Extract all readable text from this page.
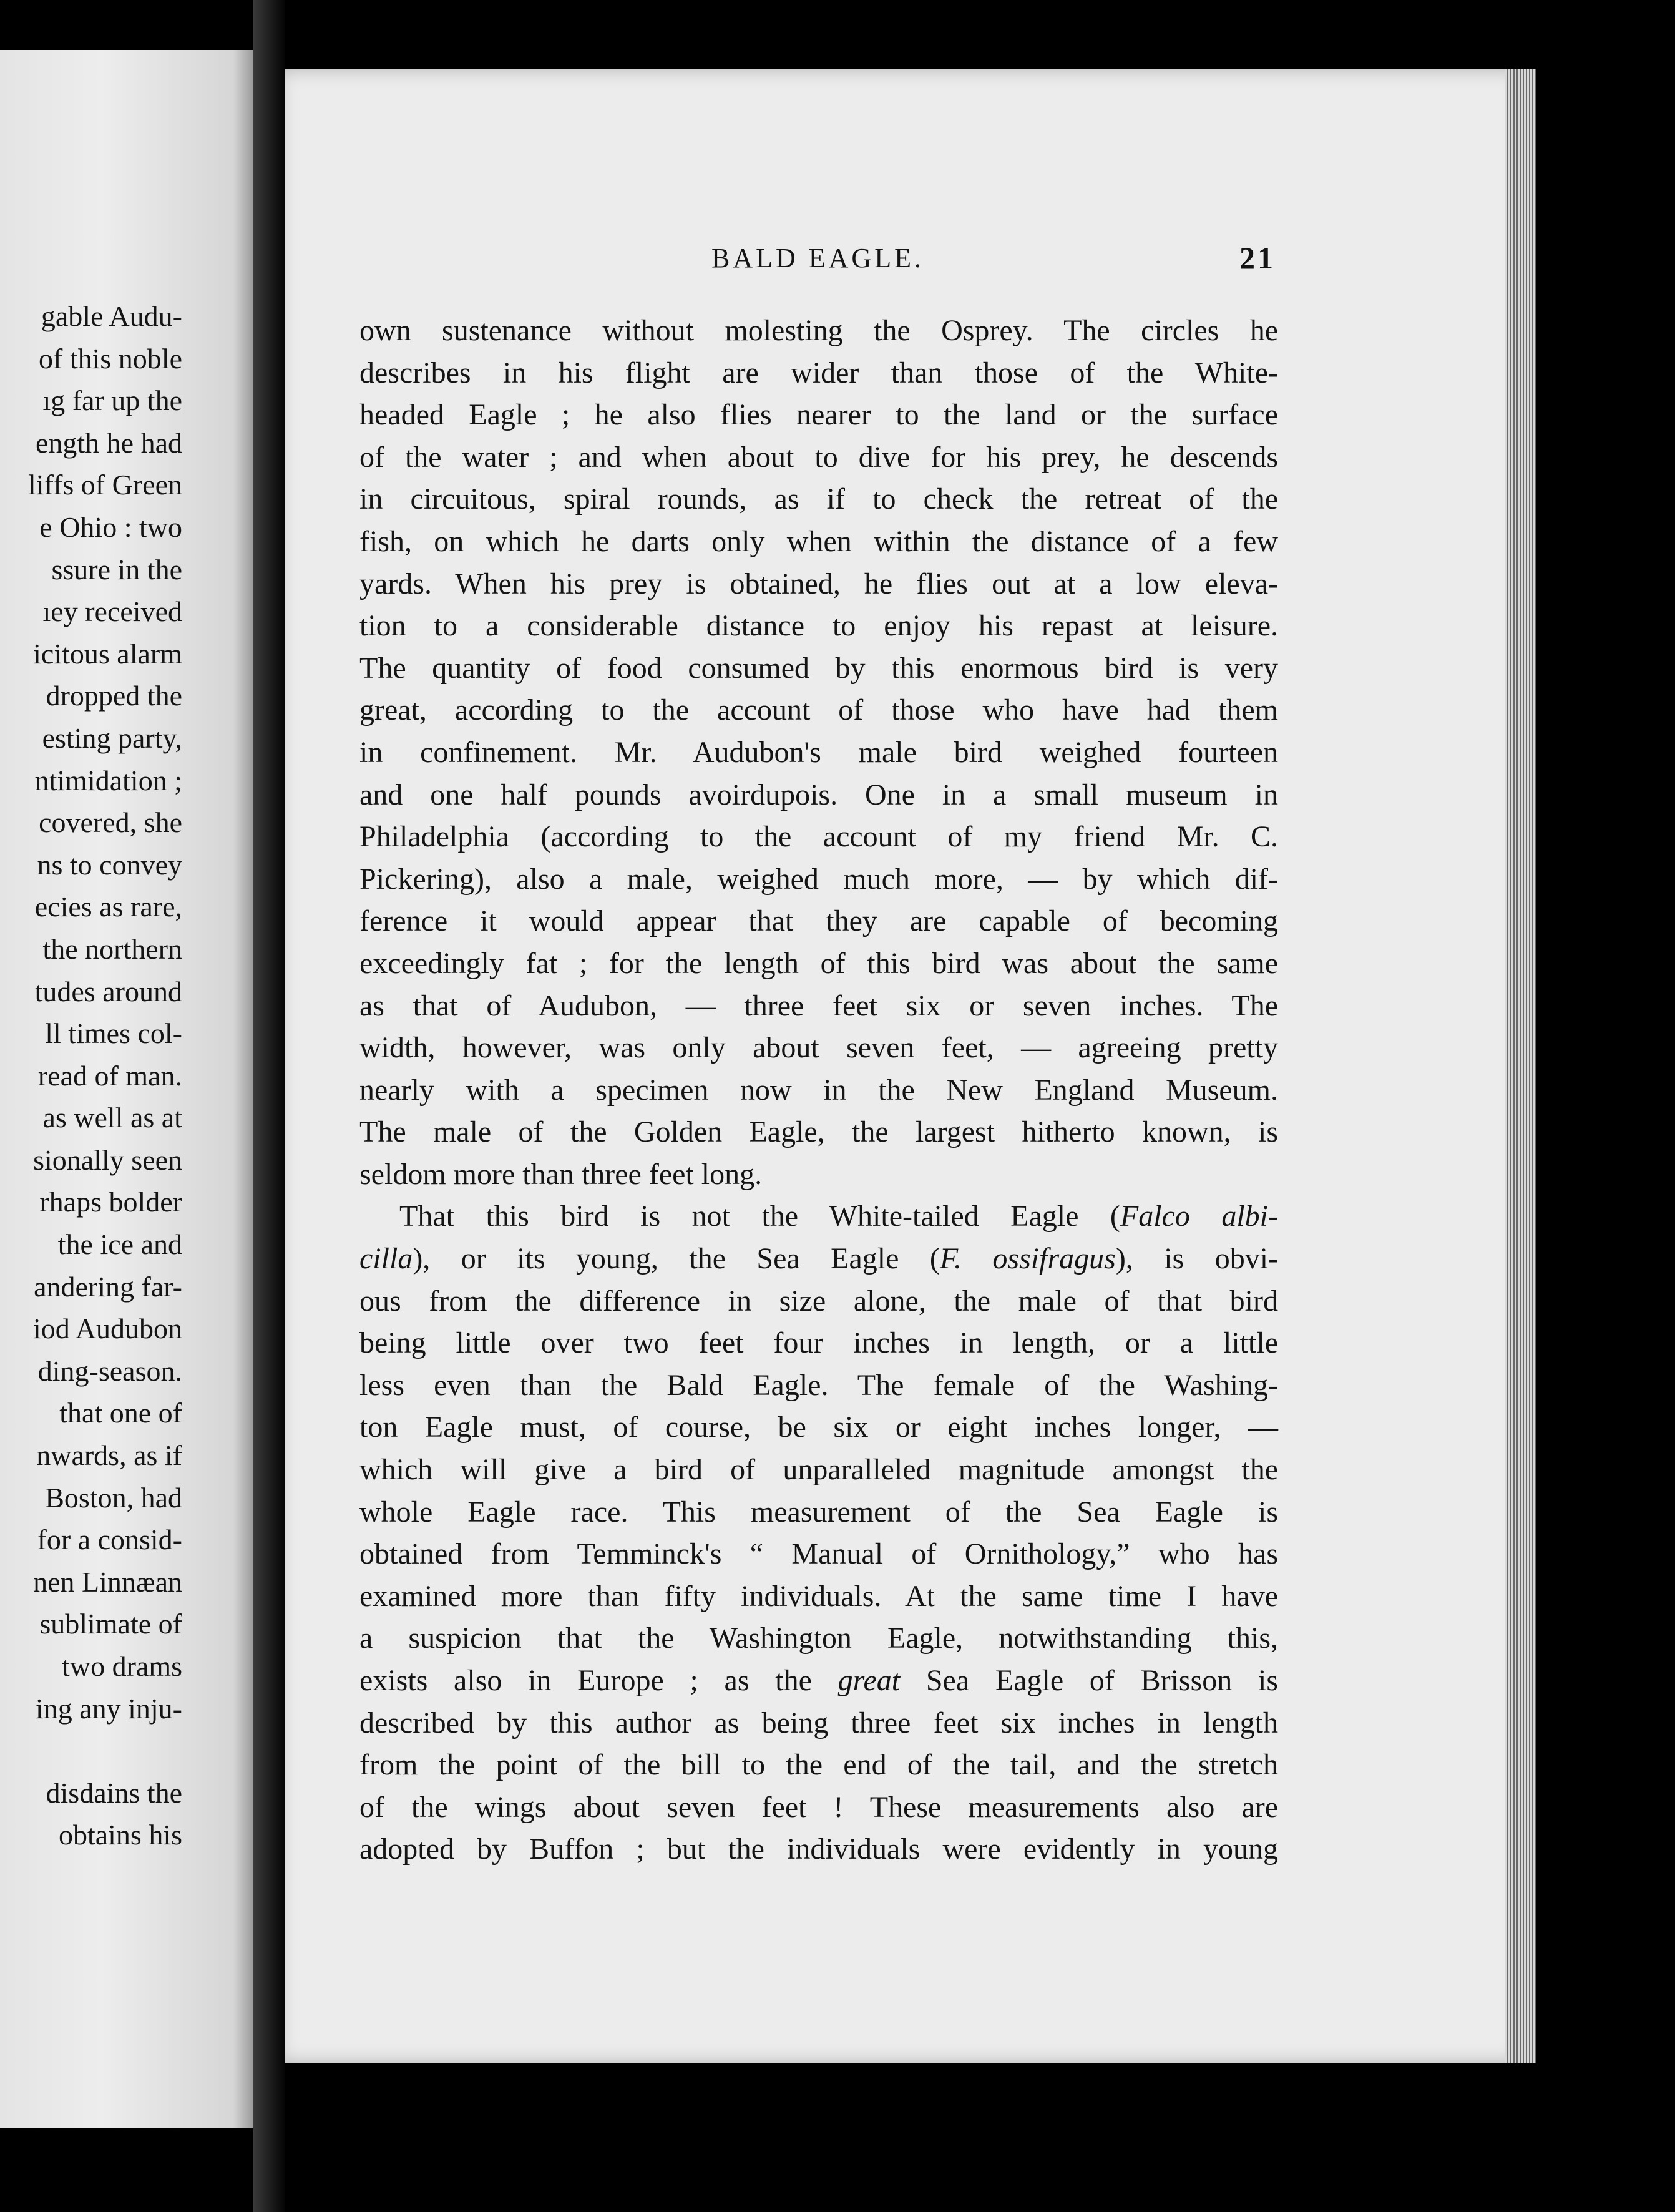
gable Audu-
of this noble
ıg far up the
ength he had
liffs of Green
e Ohio : two
ssure in the
ıey received
icitous alarm
dropped the
esting party,
ntimidation ;
covered, she
ns to convey
ecies as rare,
the northern
tudes around
ll times col-
read of man.
as well as at
sionally seen
rhaps bolder
the ice and
andering far-
iod Audubon
ding-season.
that one of
nwards, as if
Boston, had
for a consid-
nen Linnæan
sublimate of
two drams
ing any inju-
disdains the
obtains his
BALD EAGLE.	21
own sustenance without molesting the Osprey. The circles he
describes in his flight are wider than those of the White-
headed Eagle ; he also flies nearer to the land or the surface
of the water ; and when about to dive for his prey, he descends
in circuitous, spiral rounds, as if to check the retreat of the
fish, on which he darts only when within the distance of a few
yards. When his prey is obtained, he flies out at a low eleva-
tion to a considerable distance to enjoy his repast at leisure.
The quantity of food consumed by this enormous bird is very
great, according to the account of those who have had them
in confinement. Mr. Audubon's male bird weighed fourteen
and one half pounds avoirdupois. One in a small museum in
Philadelphia (according to the account of my friend Mr. C.
Pickering), also a male, weighed much more, — by which dif-
ference it would appear that they are capable of becoming
exceedingly fat ; for the length of this bird was about the same
as that of Audubon, — three feet six or seven inches. The
width, however, was only about seven feet, — agreeing pretty
nearly with a specimen now in the New England Museum.
The male of the Golden Eagle, the largest hitherto known, is
seldom more than three feet long.
That this bird is not the White-tailed Eagle (Falco albi-
cilla), or its young, the Sea Eagle (F. ossifragus), is obvi-
ous from the difference in size alone, the male of that bird
being little over two feet four inches in length, or a little
less even than the Bald Eagle. The female of the Washing-
ton Eagle must, of course, be six or eight inches longer, —
which will give a bird of unparalleled magnitude amongst the
whole Eagle race. This measurement of the Sea Eagle is
obtained from Temminck's “ Manual of Ornithology,” who has
examined more than fifty individuals. At the same time I have
a suspicion that the Washington Eagle, notwithstanding this,
exists also in Europe ; as the great Sea Eagle of Brisson is
described by this author as being three feet six inches in length
from the point of the bill to the end of the tail, and the stretch
of the wings about seven feet ! These measurements also are
adopted by Buffon ; but the individuals were evidently in young
